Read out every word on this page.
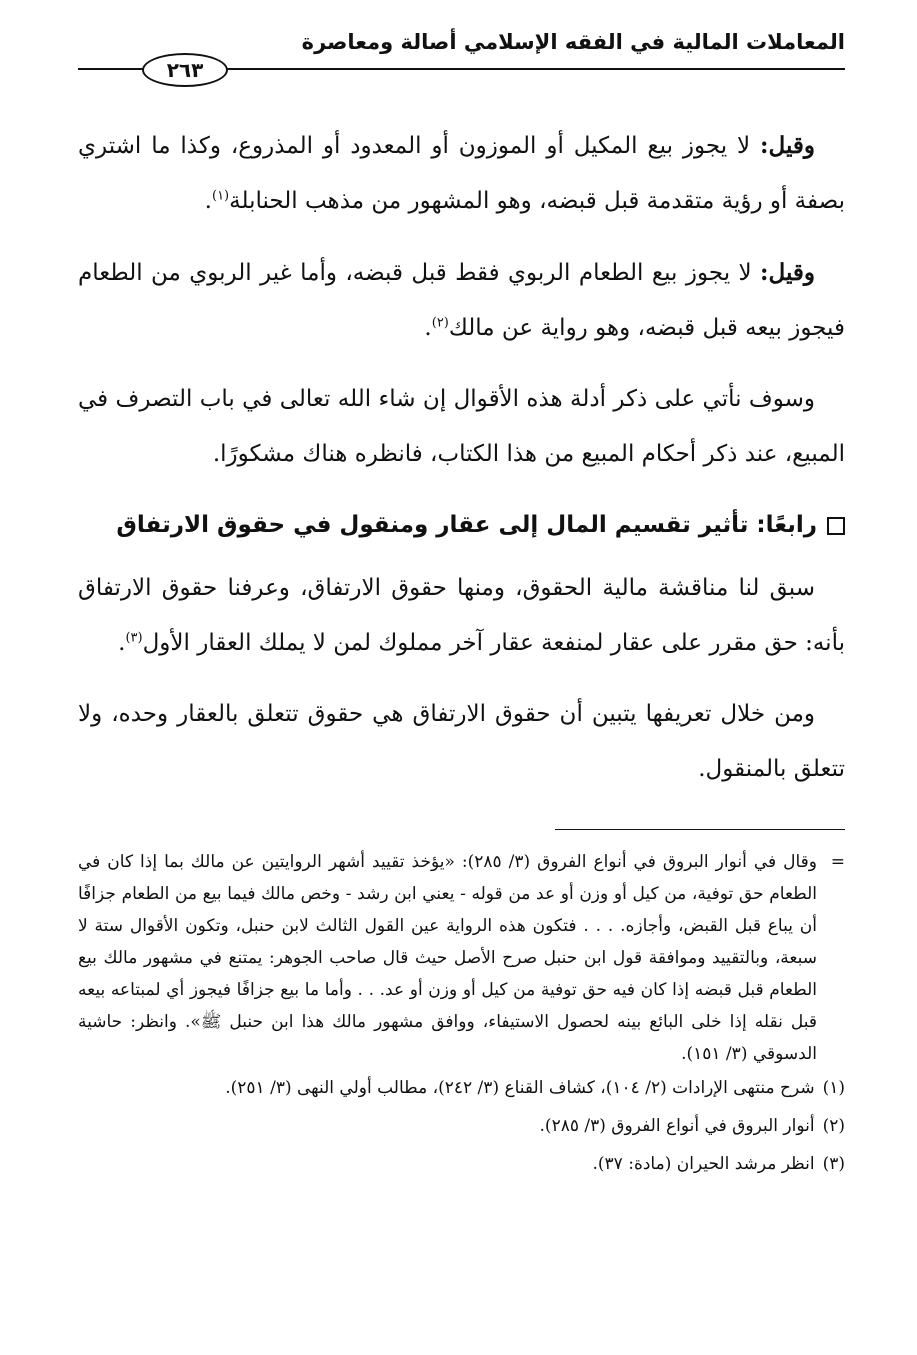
المعاملات المالية في الفقه الإسلامي أصالة ومعاصرة
٢٦٣

وقيل: لا يجوز بيع المكيل أو الموزون أو المعدود أو المذروع، وكذا ما اشتري بصفة أو رؤية متقدمة قبل قبضه، وهو المشهور من مذهب الحنابلة$^{(١)}$.

وقيل: لا يجوز بيع الطعام الربوي فقط قبل قبضه، وأما غير الربوي من الطعام فيجوز بيعه قبل قبضه، وهو رواية عن مالك$^{(٢)}$.

وسوف نأتي على ذكر أدلة هذه الأقوال إن شاء الله تعالى في باب التصرف في المبيع، عند ذكر أحكام المبيع من هذا الكتاب، فانظره هناك مشكورًا.

رابعًا: تأثير تقسيم المال إلى عقار ومنقول في حقوق الارتفاق

سبق لنا مناقشة مالية الحقوق، ومنها حقوق الارتفاق، وعرفنا حقوق الارتفاق بأنه: حق مقرر على عقار لمنفعة عقار آخر مملوك لمن لا يملك العقار الأول$^{(٣)}$.

ومن خلال تعريفها يتبين أن حقوق الارتفاق هي حقوق تتعلق بالعقار وحده، ولا تتعلق بالمنقول.

=
وقال في أنوار البروق في أنواع الفروق (٣/ ٢٨٥): «يؤخذ تقييد أشهر الروايتين عن مالك بما إذا كان في الطعام حق توفية، من كيل أو وزن أو عد من قوله - يعني ابن رشد - وخص مالك فيما بيع من الطعام جزافًا أن يباع قبل القبض، وأجازه. . . . فتكون هذه الرواية عين القول الثالث لابن حنبل، وتكون الأقوال ستة لا سبعة، وبالتقييد وموافقة قول ابن حنبل صرح الأصل حيث قال صاحب الجوهر: يمتنع في مشهور مالك بيع الطعام قبل قبضه إذا كان فيه حق توفية من كيل أو وزن أو عد. . . وأما ما بيع جزافًا فيجوز أي لمبتاعه بيعه قبل نقله إذا خلى البائع بينه لحصول الاستيفاء، ووافق مشهور مالك هذا ابن حنبل ﷺ». وانظر: حاشية الدسوقي (٣/ ١٥١).
(١)شرح منتهى الإرادات (٢/ ١٠٤)، كشاف القناع (٣/ ٢٤٢)، مطالب أولي النهى (٣/ ٢٥١).
(٢)أنوار البروق في أنواع الفروق (٣/ ٢٨٥).
(٣)انظر مرشد الحيران (مادة: ٣٧).
